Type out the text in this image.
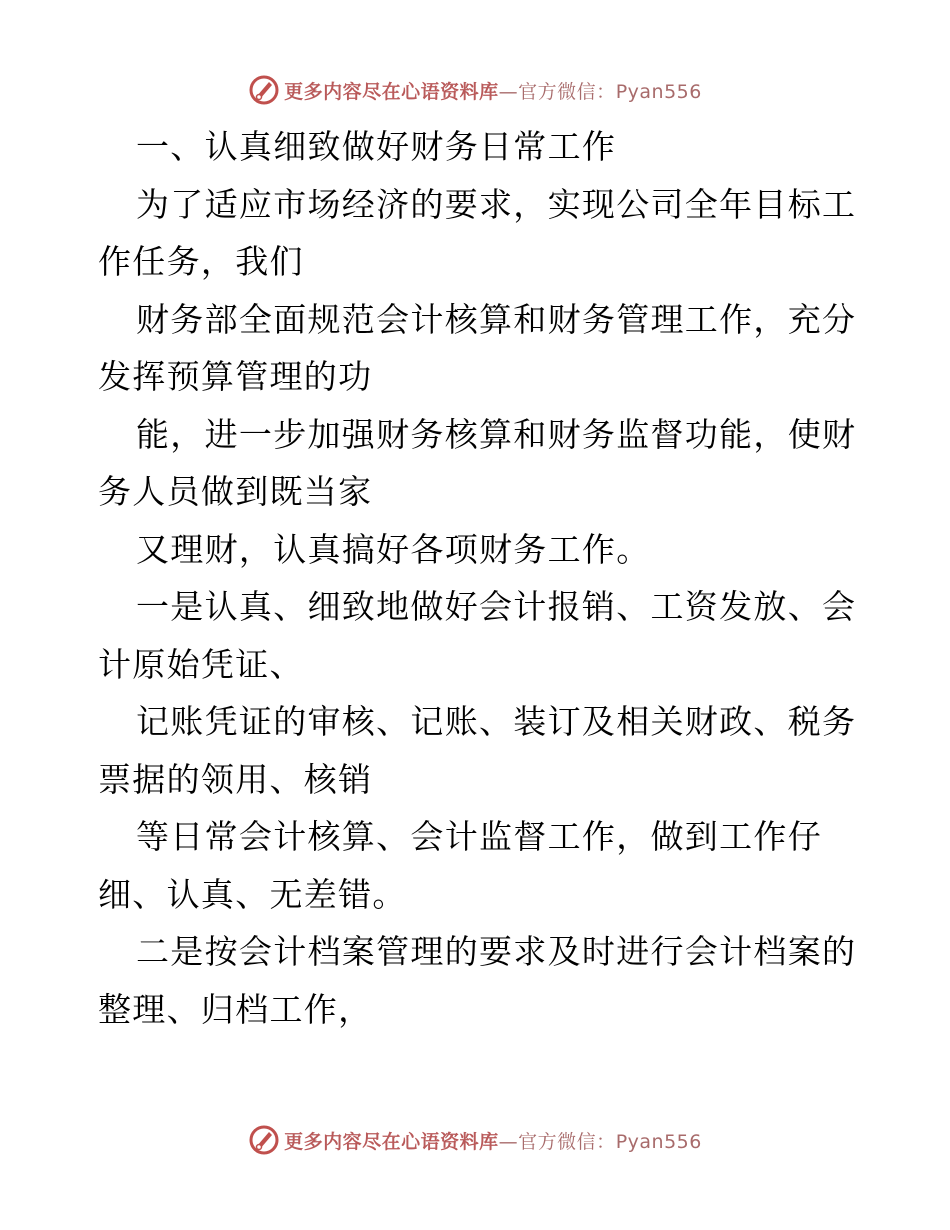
更多内容尽在心语资料库—官方微信：Pyan556
一、认真细致做好财务日常工作
为了适应市场经济的要求，实现公司全年目标工
作任务，我们
财务部全面规范会计核算和财务管理工作，充分
发挥预算管理的功
能，进一步加强财务核算和财务监督功能，使财
务人员做到既当家
又理财，认真搞好各项财务工作。
一是认真、细致地做好会计报销、工资发放、会
计原始凭证、
记账凭证的审核、记账、装订及相关财政、税务
票据的领用、核销
等日常会计核算、会计监督工作，做到工作仔
细、认真、无差错。
二是按会计档案管理的要求及时进行会计档案的
整理、归档工作，
更多内容尽在心语资料库—官方微信：Pyan556
